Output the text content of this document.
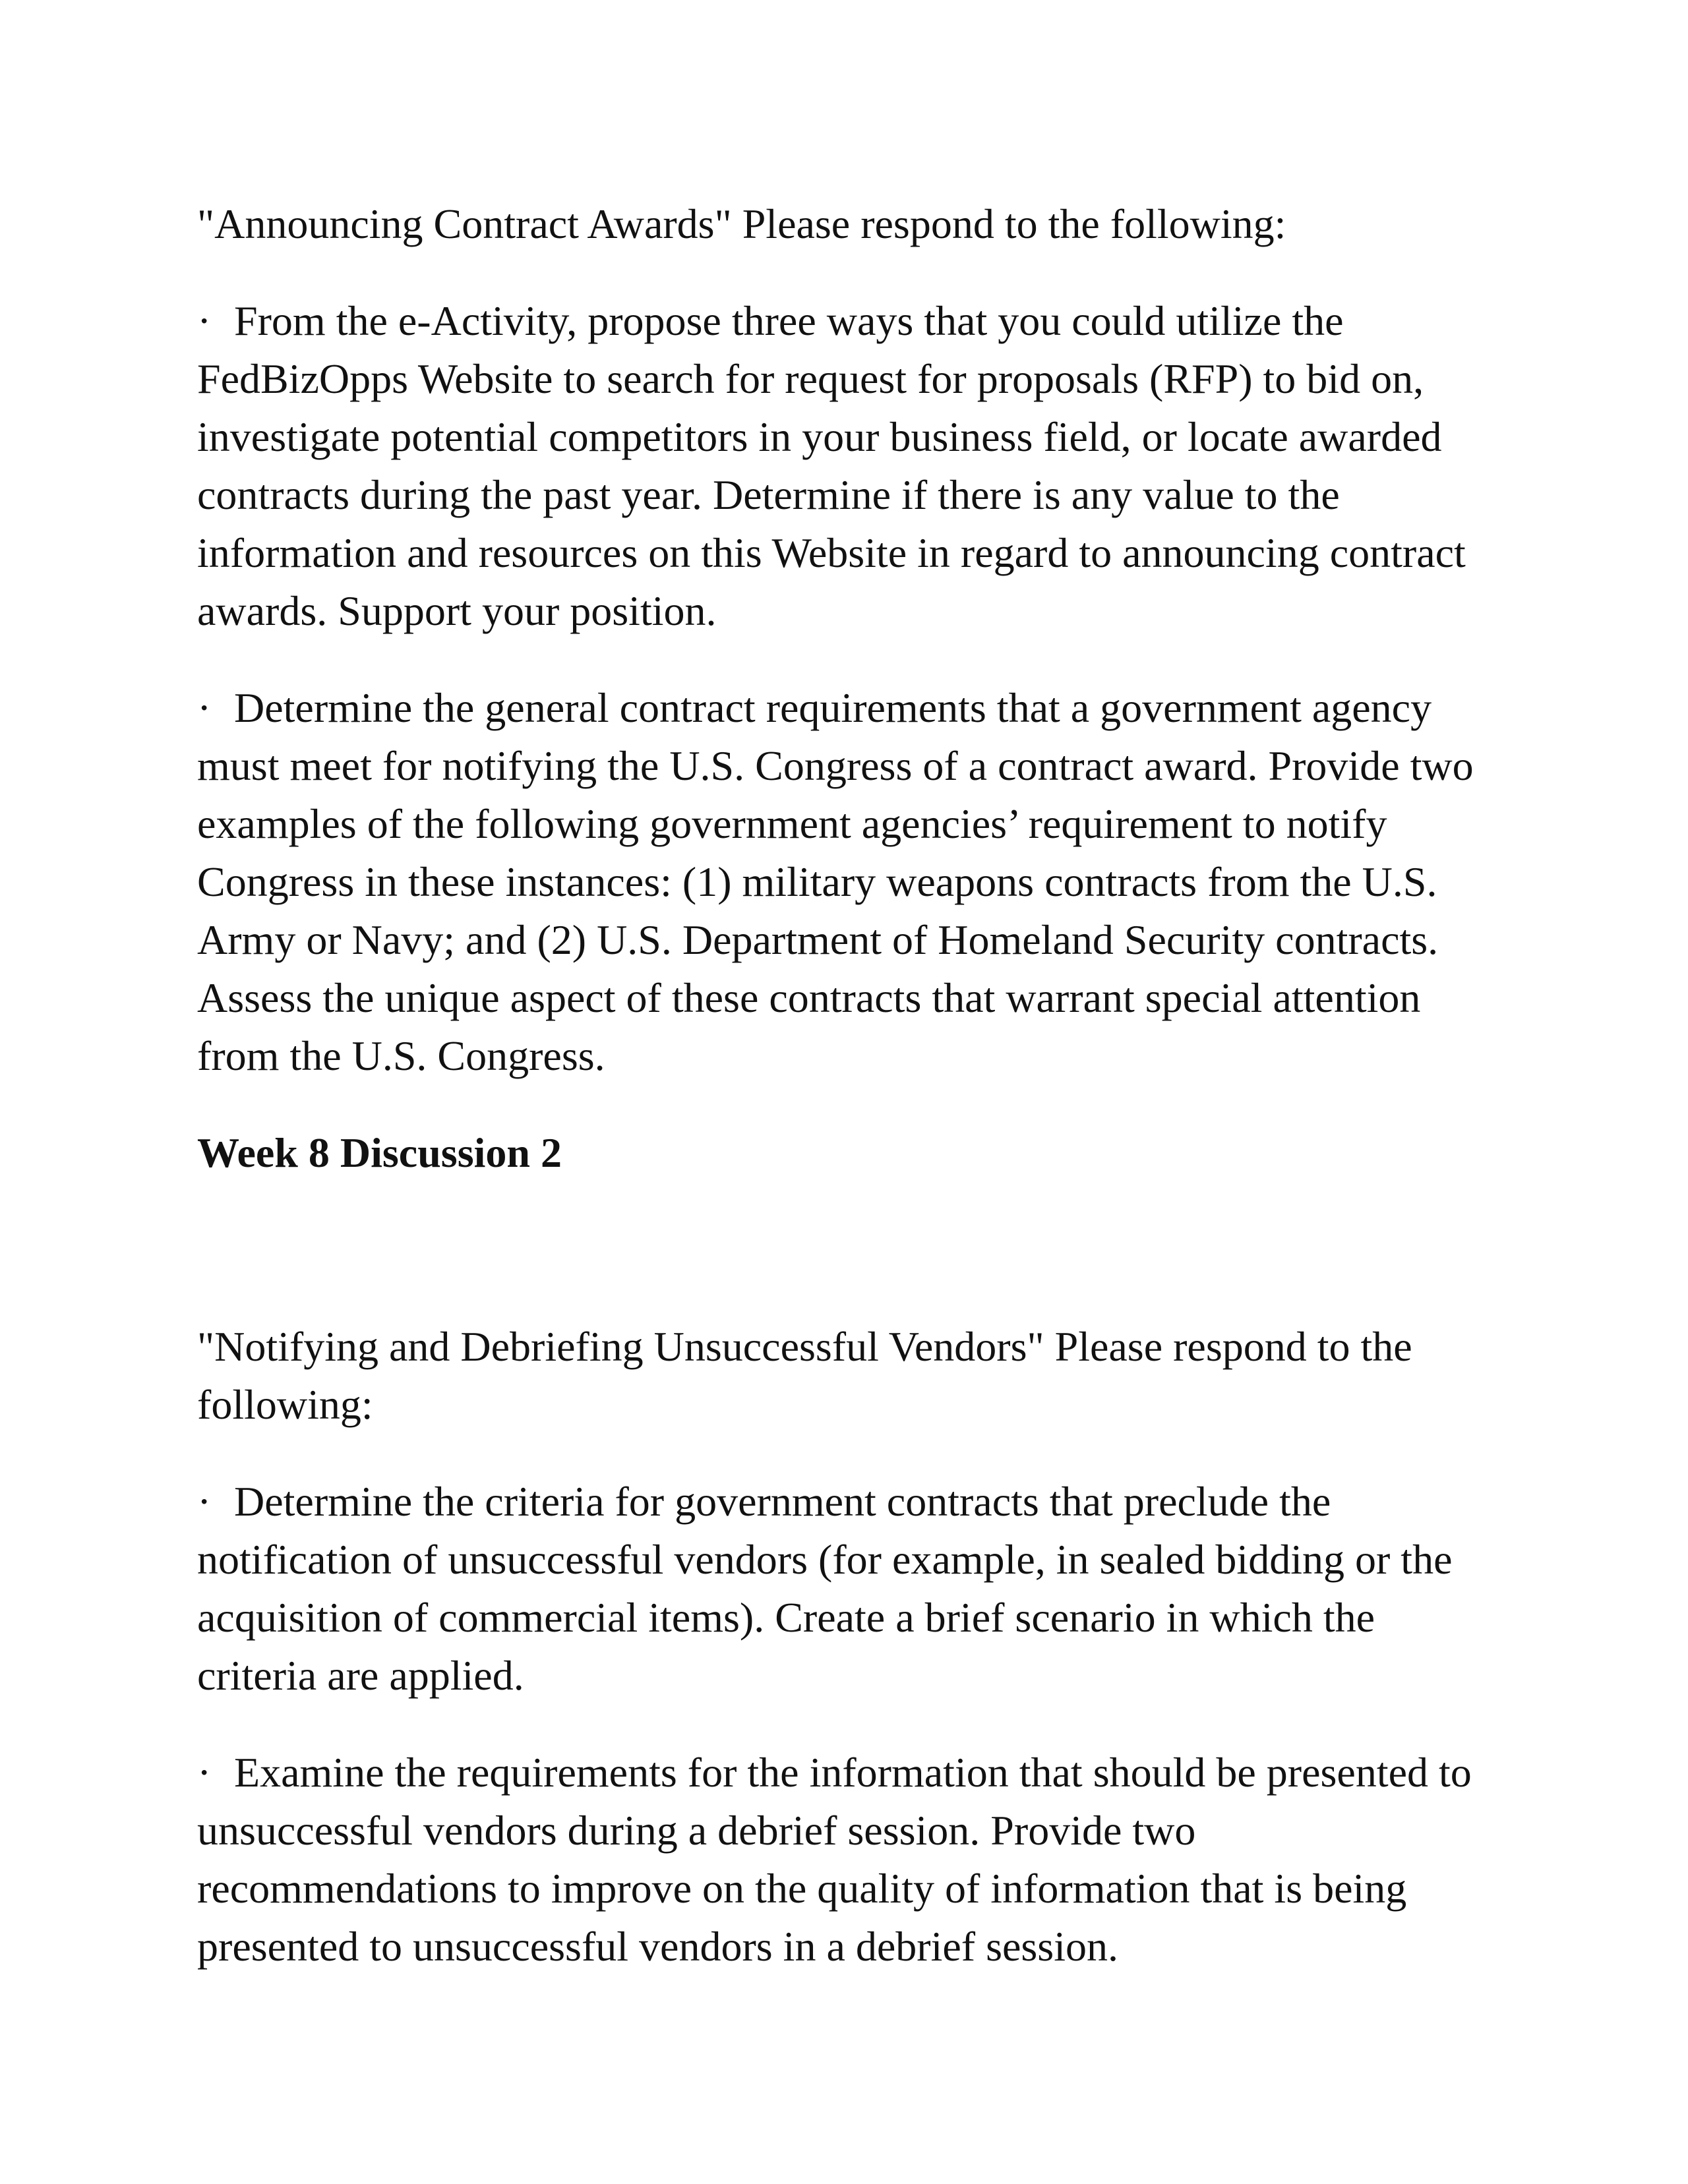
"Announcing Contract Awards" Please respond to the following:

· From the e-Activity, propose three ways that you could utilize the FedBizOpps Website to search for request for proposals (RFP) to bid on, investigate potential competitors in your business field, or locate awarded contracts during the past year. Determine if there is any value to the information and resources on this Website in regard to announcing contract awards. Support your position.

· Determine the general contract requirements that a government agency must meet for notifying the U.S. Congress of a contract award. Provide two examples of the following government agencies’ requirement to notify Congress in these instances: (1) military weapons contracts from the U.S. Army or Navy; and (2) U.S. Department of Homeland Security contracts. Assess the unique aspect of these contracts that warrant special attention from the U.S. Congress.

Week 8 Discussion 2

"Notifying and Debriefing Unsuccessful Vendors" Please respond to the following:

· Determine the criteria for government contracts that preclude the notification of unsuccessful vendors (for example, in sealed bidding or the acquisition of commercial items). Create a brief scenario in which the criteria are applied.

· Examine the requirements for the information that should be presented to unsuccessful vendors during a debrief session. Provide two recommendations to improve on the quality of information that is being presented to unsuccessful vendors in a debrief session.
